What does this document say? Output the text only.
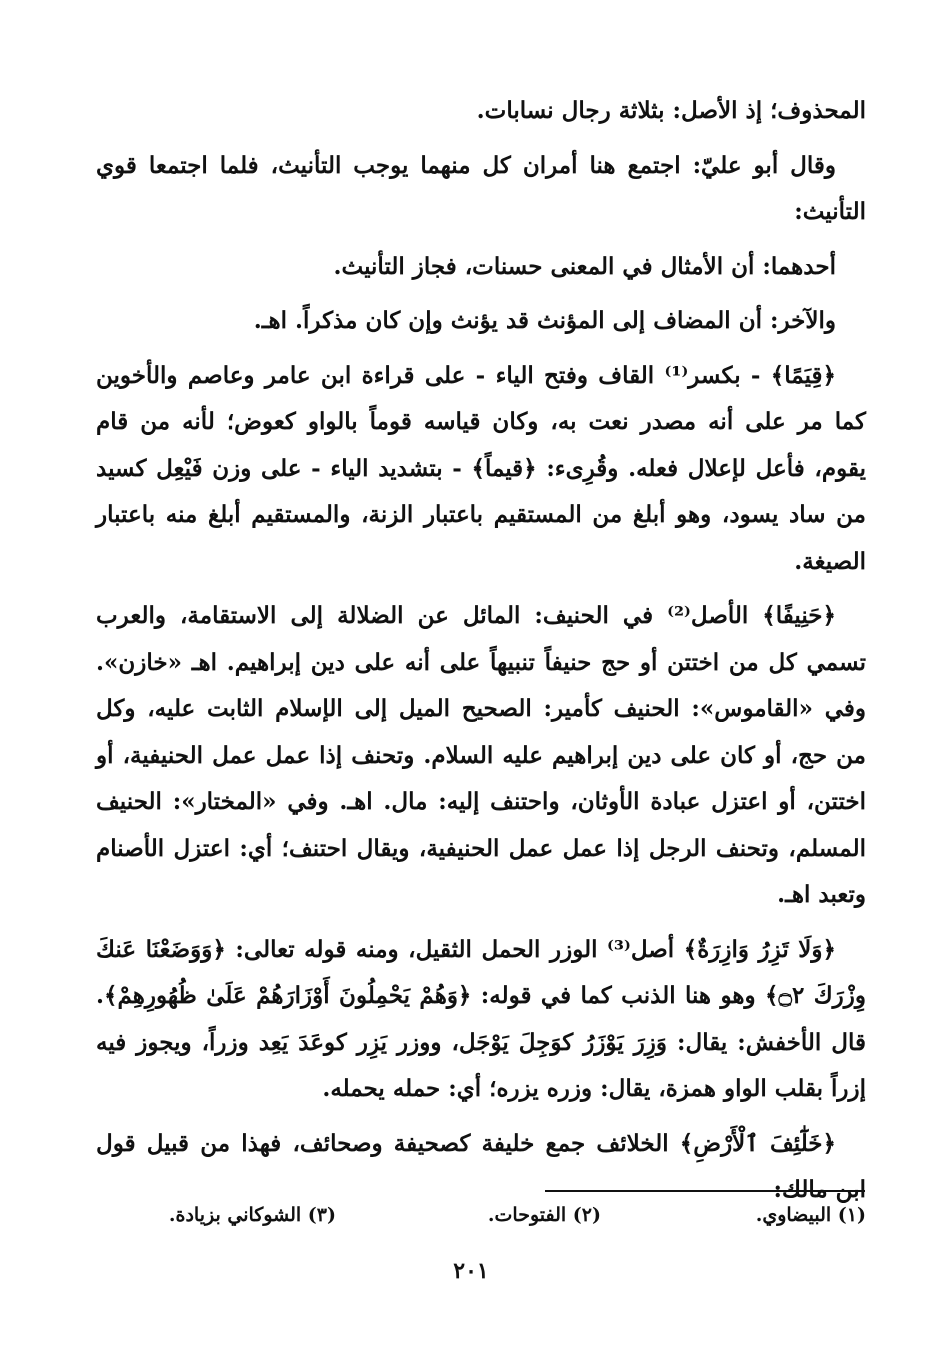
المحذوف؛ إذ الأصل: بثلاثة رجال نسابات.

وقال أبو عليّ: اجتمع هنا أمران كل منهما يوجب التأنيث، فلما اجتمعا قوي التأنيث:

أحدهما: أن الأمثال في المعنى حسنات، فجاز التأنيث.

والآخر: أن المضاف إلى المؤنث قد يؤنث وإن كان مذكراً. اهـ.

﴿قِيَمًا﴾ - بكسر⁽¹⁾ القاف وفتح الياء - على قراءة ابن عامر وعاصم والأخوين كما مر على أنه مصدر نعت به، وكان قياسه قوماً بالواو كعوض؛ لأنه من قام يقوم، فأعل لإعلال فعله. وقُرِىء: ﴿قيماً﴾ - بتشديد الياء - على وزن فَيْعِل كسيد من ساد يسود، وهو أبلغ من المستقيم باعتبار الزنة، والمستقيم أبلغ منه باعتبار الصيغة.

﴿حَنِيفًا﴾ الأصل⁽²⁾ في الحنيف: المائل عن الضلالة إلى الاستقامة، والعرب تسمي كل من اختتن أو حج حنيفاً تنبيهاً على أنه على دين إبراهيم. اهـ «خازن». وفي «القاموس»: الحنيف كأمير: الصحيح الميل إلى الإسلام الثابت عليه، وكل من حج، أو كان على دين إبراهيم عليه السلام. وتحنف إذا عمل عمل الحنيفية، أو اختتن، أو اعتزل عبادة الأوثان، واحتنف إليه: مال. اهـ. وفي «المختار»: الحنيف المسلم، وتحنف الرجل إذا عمل عمل الحنيفية، ويقال احتنف؛ أي: اعتزل الأصنام وتعبد اهـ.

﴿وَلَا تَزِرُ وَازِرَةٌ﴾ أصل⁽³⁾ الوزر الحمل الثقيل، ومنه قوله تعالى: ﴿وَوَضَعْنَا عَنكَ وِزْرَكَ ۝٢﴾ وهو هنا الذنب كما في قوله: ﴿وَهُمْ يَحْمِلُونَ أَوْزَارَهُمْ عَلَىٰ ظُهُورِهِمْ﴾. قال الأخفش: يقال: وَزِرَ يَوْزَرُ كوَجِلَ يَوْجَل، ووزر يَزِر كوعَدَ يَعِد وزراً، ويجوز فيه إزراً بقلب الواو همزة، يقال: وزره يزره؛ أي: حمله يحمله.

﴿خَلَٰٓئِفَ ٱلْأَرْضِ﴾ الخلائف جمع خليفة كصحيفة وصحائف، فهذا من قبيل قول ابن مالك:

(١) البيضاوي.
(٢) الفتوحات.
(٣) الشوكاني بزيادة.
٢٠١
